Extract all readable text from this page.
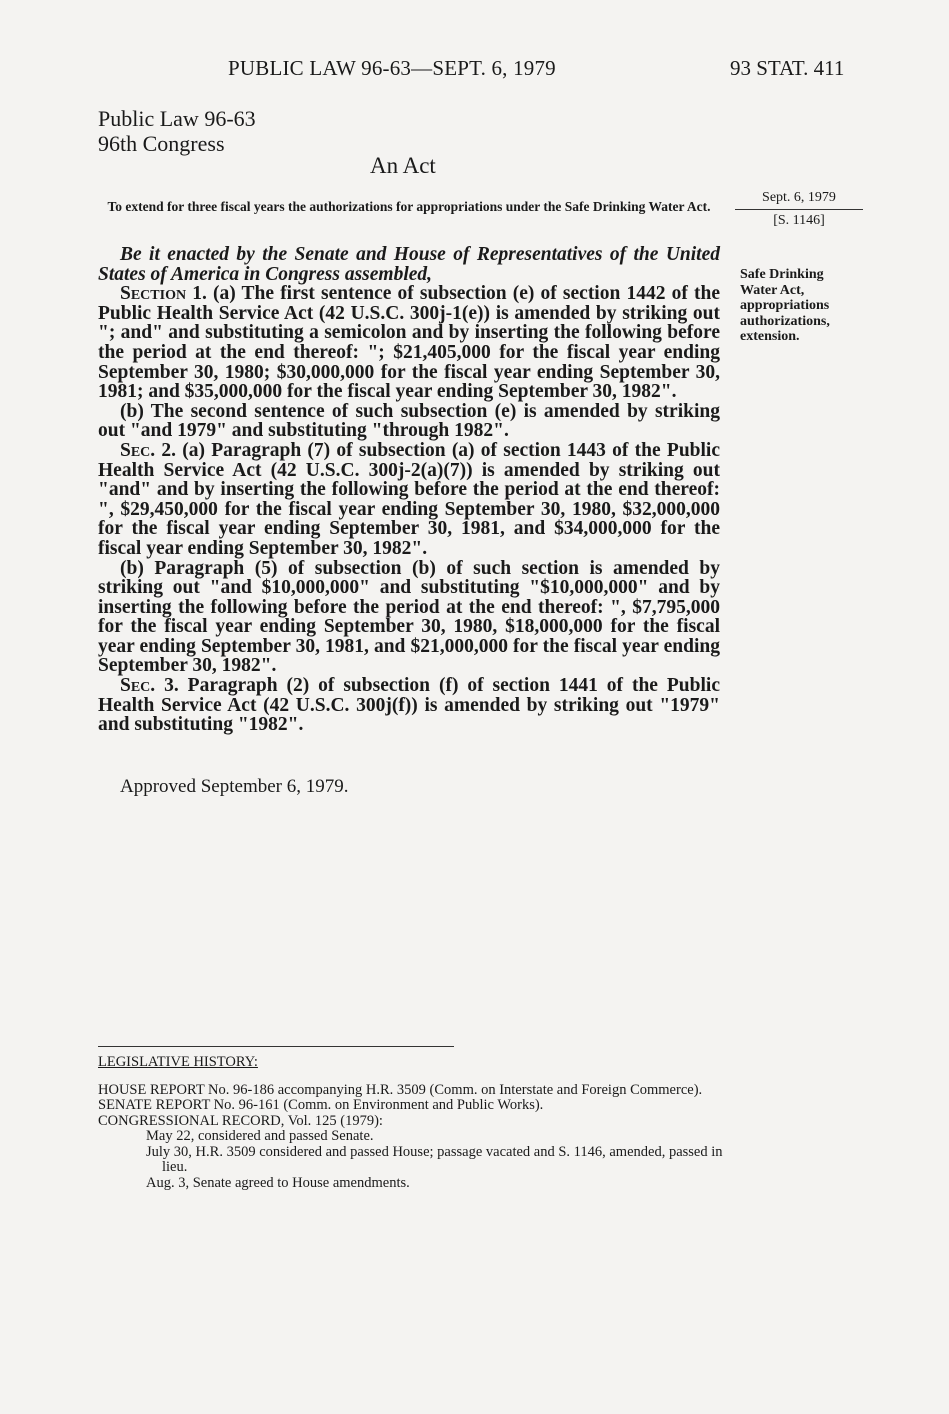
PUBLIC LAW 96-63—SEPT. 6, 1979	93 STAT. 411
Public Law 96-63
96th Congress
An Act
To extend for three fiscal years the authorizations for appropriations under the Safe Drinking Water Act.
Sept. 6, 1979
[S. 1146]
Safe Drinking Water Act, appropriations authorizations, extension.

Be it enacted by the Senate and House of Representatives of the United States of America in Congress assembled,

Section 1. (a) The first sentence of subsection (e) of section 1442 of the Public Health Service Act (42 U.S.C. 300j-1(e)) is amended by striking out "; and" and substituting a semicolon and by inserting the following before the period at the end thereof: "; $21,405,000 for the fiscal year ending September 30, 1980; $30,000,000 for the fiscal year ending September 30, 1981; and $35,000,000 for the fiscal year ending September 30, 1982".

(b) The second sentence of such subsection (e) is amended by striking out "and 1979" and substituting "through 1982".

Sec. 2. (a) Paragraph (7) of subsection (a) of section 1443 of the Public Health Service Act (42 U.S.C. 300j-2(a)(7)) is amended by striking out "and" and by inserting the following before the period at the end thereof: ", $29,450,000 for the fiscal year ending September 30, 1980, $32,000,000 for the fiscal year ending September 30, 1981, and $34,000,000 for the fiscal year ending September 30, 1982".

(b) Paragraph (5) of subsection (b) of such section is amended by striking out "and $10,000,000" and substituting "$10,000,000" and by inserting the following before the period at the end thereof: ", $7,795,000 for the fiscal year ending September 30, 1980, $18,000,000 for the fiscal year ending September 30, 1981, and $21,000,000 for the fiscal year ending September 30, 1982".

Sec. 3. Paragraph (2) of subsection (f) of section 1441 of the Public Health Service Act (42 U.S.C. 300j(f)) is amended by striking out "1979" and substituting "1982".

Approved September 6, 1979.
LEGISLATIVE HISTORY:
HOUSE REPORT No. 96-186 accompanying H.R. 3509 (Comm. on Interstate and Foreign Commerce).
SENATE REPORT No. 96-161 (Comm. on Environment and Public Works).
CONGRESSIONAL RECORD, Vol. 125 (1979):
May 22, considered and passed Senate.
July 30, H.R. 3509 considered and passed House; passage vacated and S. 1146, amended, passed in lieu.
Aug. 3, Senate agreed to House amendments.
